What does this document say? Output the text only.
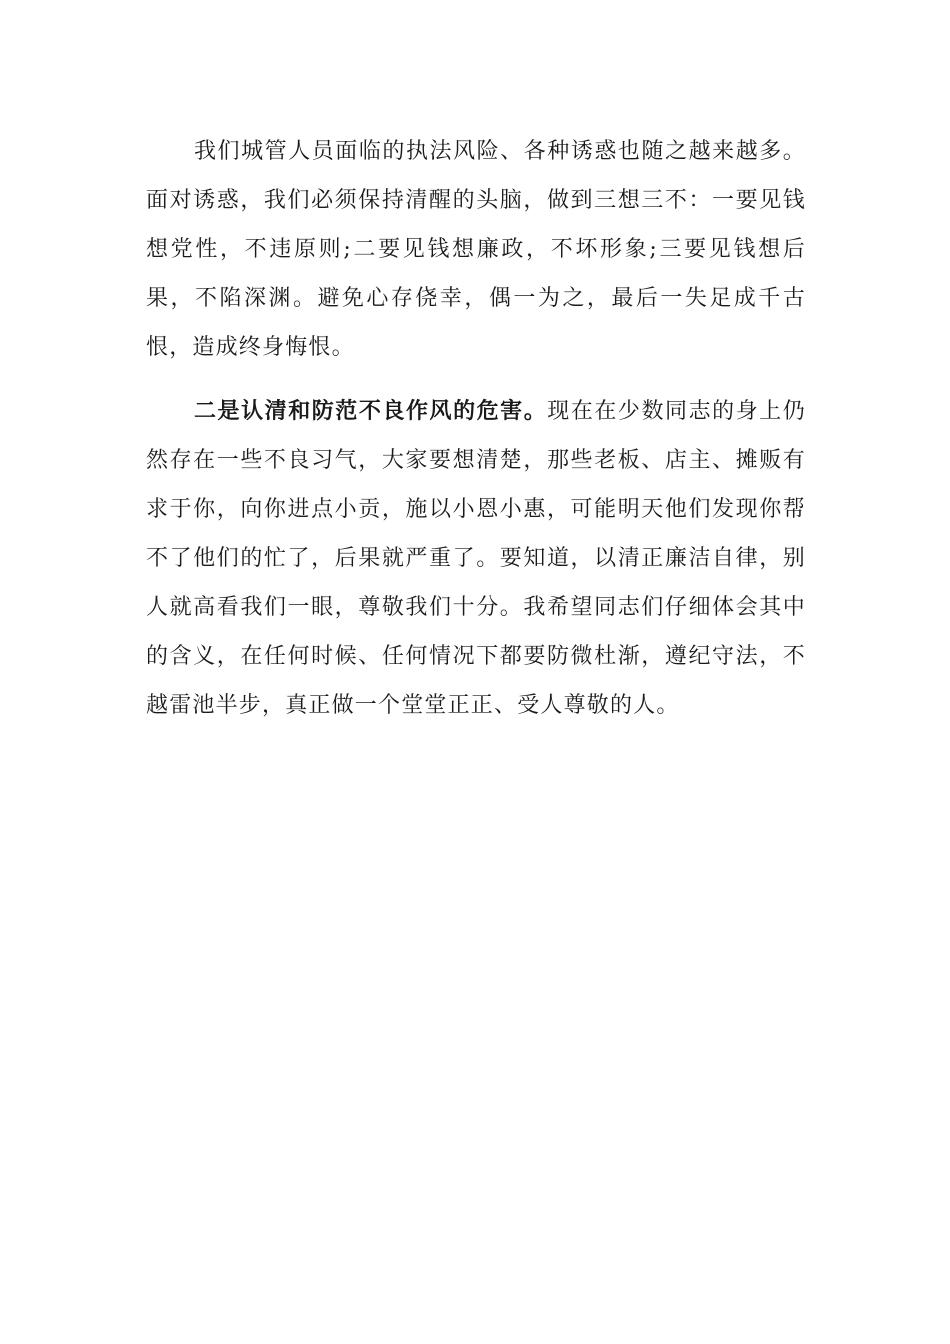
我们城管人员面临的执法风险、各种诱惑也随之越来越多。面对诱惑，我们必须保持清醒的头脑，做到三想三不：一要见钱想党性，不违原则;二要见钱想廉政，不坏形象;三要见钱想后果，不陷深渊。避免心存侥幸，偶一为之，最后一失足成千古恨，造成终身悔恨。

二是认清和防范不良作风的危害。现在在少数同志的身上仍然存在一些不良习气，大家要想清楚，那些老板、店主、摊贩有求于你，向你进点小贡，施以小恩小惠，可能明天他们发现你帮不了他们的忙了，后果就严重了。要知道，以清正廉洁自律，别人就高看我们一眼，尊敬我们十分。我希望同志们仔细体会其中的含义，在任何时候、任何情况下都要防微杜渐，遵纪守法，不越雷池半步，真正做一个堂堂正正、受人尊敬的人。
